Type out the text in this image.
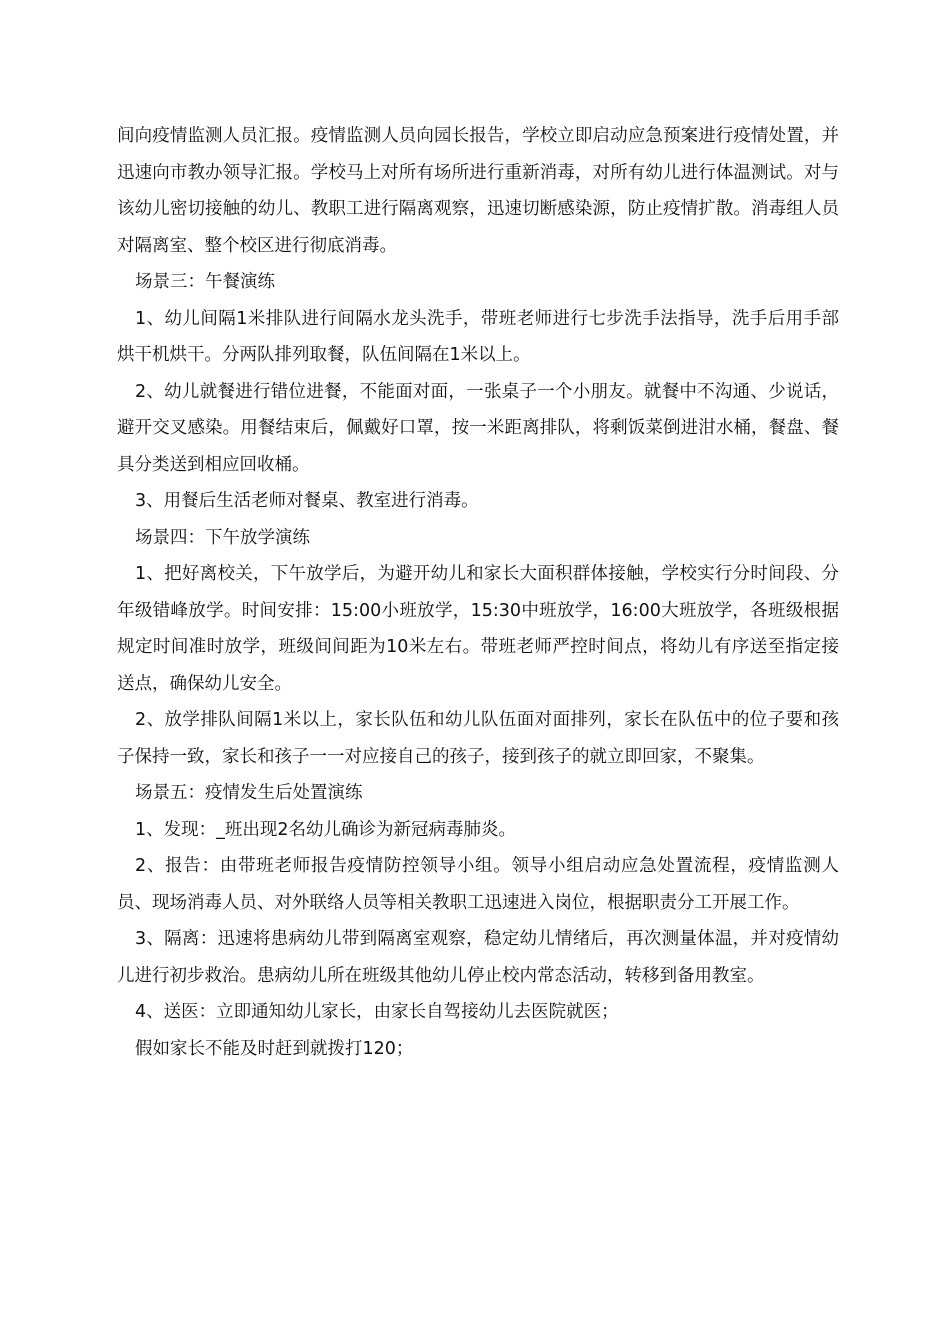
间向疫情监测人员汇报。疫情监测人员向园长报告，学校立即启动应急预案进行疫情处置，并迅速向市教办领导汇报。学校马上对所有场所进行重新消毒，对所有幼儿进行体温测试。对与该幼儿密切接触的幼儿、教职工进行隔离观察，迅速切断感染源，防止疫情扩散。消毒组人员对隔离室、整个校区进行彻底消毒。

场景三：午餐演练

1、幼儿间隔1米排队进行间隔水龙头洗手，带班老师进行七步洗手法指导，洗手后用手部烘干机烘干。分两队排列取餐，队伍间隔在1米以上。

2、幼儿就餐进行错位进餐，不能面对面，一张桌子一个小朋友。就餐中不沟通、少说话，避开交叉感染。用餐结束后，佩戴好口罩，按一米距离排队，将剩饭菜倒进泔水桶，餐盘、餐具分类送到相应回收桶。

3、用餐后生活老师对餐桌、教室进行消毒。

场景四：下午放学演练

1、把好离校关，下午放学后，为避开幼儿和家长大面积群体接触，学校实行分时间段、分年级错峰放学。时间安排：15:00小班放学，15:30中班放学，16:00大班放学，各班级根据规定时间准时放学，班级间间距为10米左右。带班老师严控时间点，将幼儿有序送至指定接送点，确保幼儿安全。

2、放学排队间隔1米以上，家长队伍和幼儿队伍面对面排列，家长在队伍中的位子要和孩子保持一致，家长和孩子一一对应接自己的孩子，接到孩子的就立即回家，不聚集。

场景五：疫情发生后处置演练

1、发现：_班出现2名幼儿确诊为新冠病毒肺炎。

2、报告：由带班老师报告疫情防控领导小组。领导小组启动应急处置流程，疫情监测人员、现场消毒人员、对外联络人员等相关教职工迅速进入岗位，根据职责分工开展工作。

3、隔离：迅速将患病幼儿带到隔离室观察，稳定幼儿情绪后，再次测量体温，并对疫情幼儿进行初步救治。患病幼儿所在班级其他幼儿停止校内常态活动，转移到备用教室。

4、送医：立即通知幼儿家长，由家长自驾接幼儿去医院就医；

假如家长不能及时赶到就拨打120；
